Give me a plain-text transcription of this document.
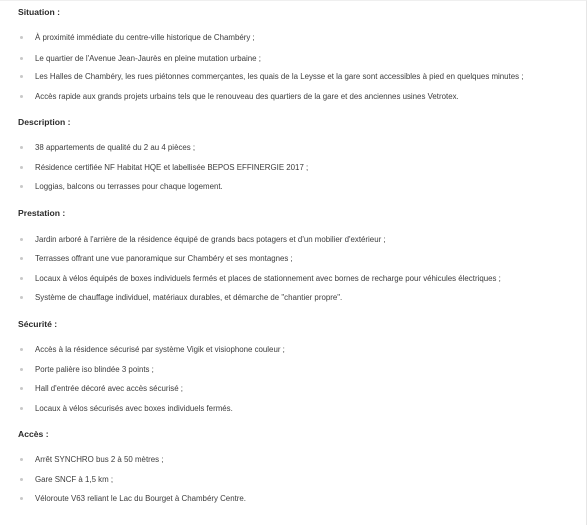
Situation :
À proximité immédiate du centre-ville historique de Chambéry ;
Le quartier de l'Avenue Jean-Jaurès en pleine mutation urbaine ;
Les Halles de Chambéry, les rues piétonnes commerçantes, les quais de la Leysse et la gare sont accessibles à pied en quelques minutes ;
Accès rapide aux grands projets urbains tels que le renouveau des quartiers de la gare et des anciennes usines Vetrotex.
Description :
38 appartements de qualité du 2 au 4 pièces ;
Résidence certifiée NF Habitat HQE et labellisée BEPOS EFFINERGIE 2017 ;
Loggias, balcons ou terrasses pour chaque logement.
Prestation :
Jardin arboré à l'arrière de la résidence équipé de grands bacs potagers et d'un mobilier d'extérieur ;
Terrasses offrant une vue panoramique sur Chambéry et ses montagnes ;
Locaux à vélos équipés de boxes individuels fermés et places de stationnement avec bornes de recharge pour véhicules électriques ;
Système de chauffage individuel, matériaux durables, et démarche de "chantier propre".
Sécurité :
Accès à la résidence sécurisé par système Vigik et visiophone couleur ;
Porte palière iso blindée 3 points ;
Hall d'entrée décoré avec accès sécurisé ;
Locaux à vélos sécurisés avec boxes individuels fermés.
Accès :
Arrêt SYNCHRO bus 2 à 50 mètres ;
Gare SNCF à 1,5 km ;
Véloroute V63 reliant le Lac du Bourget à Chambéry Centre.
